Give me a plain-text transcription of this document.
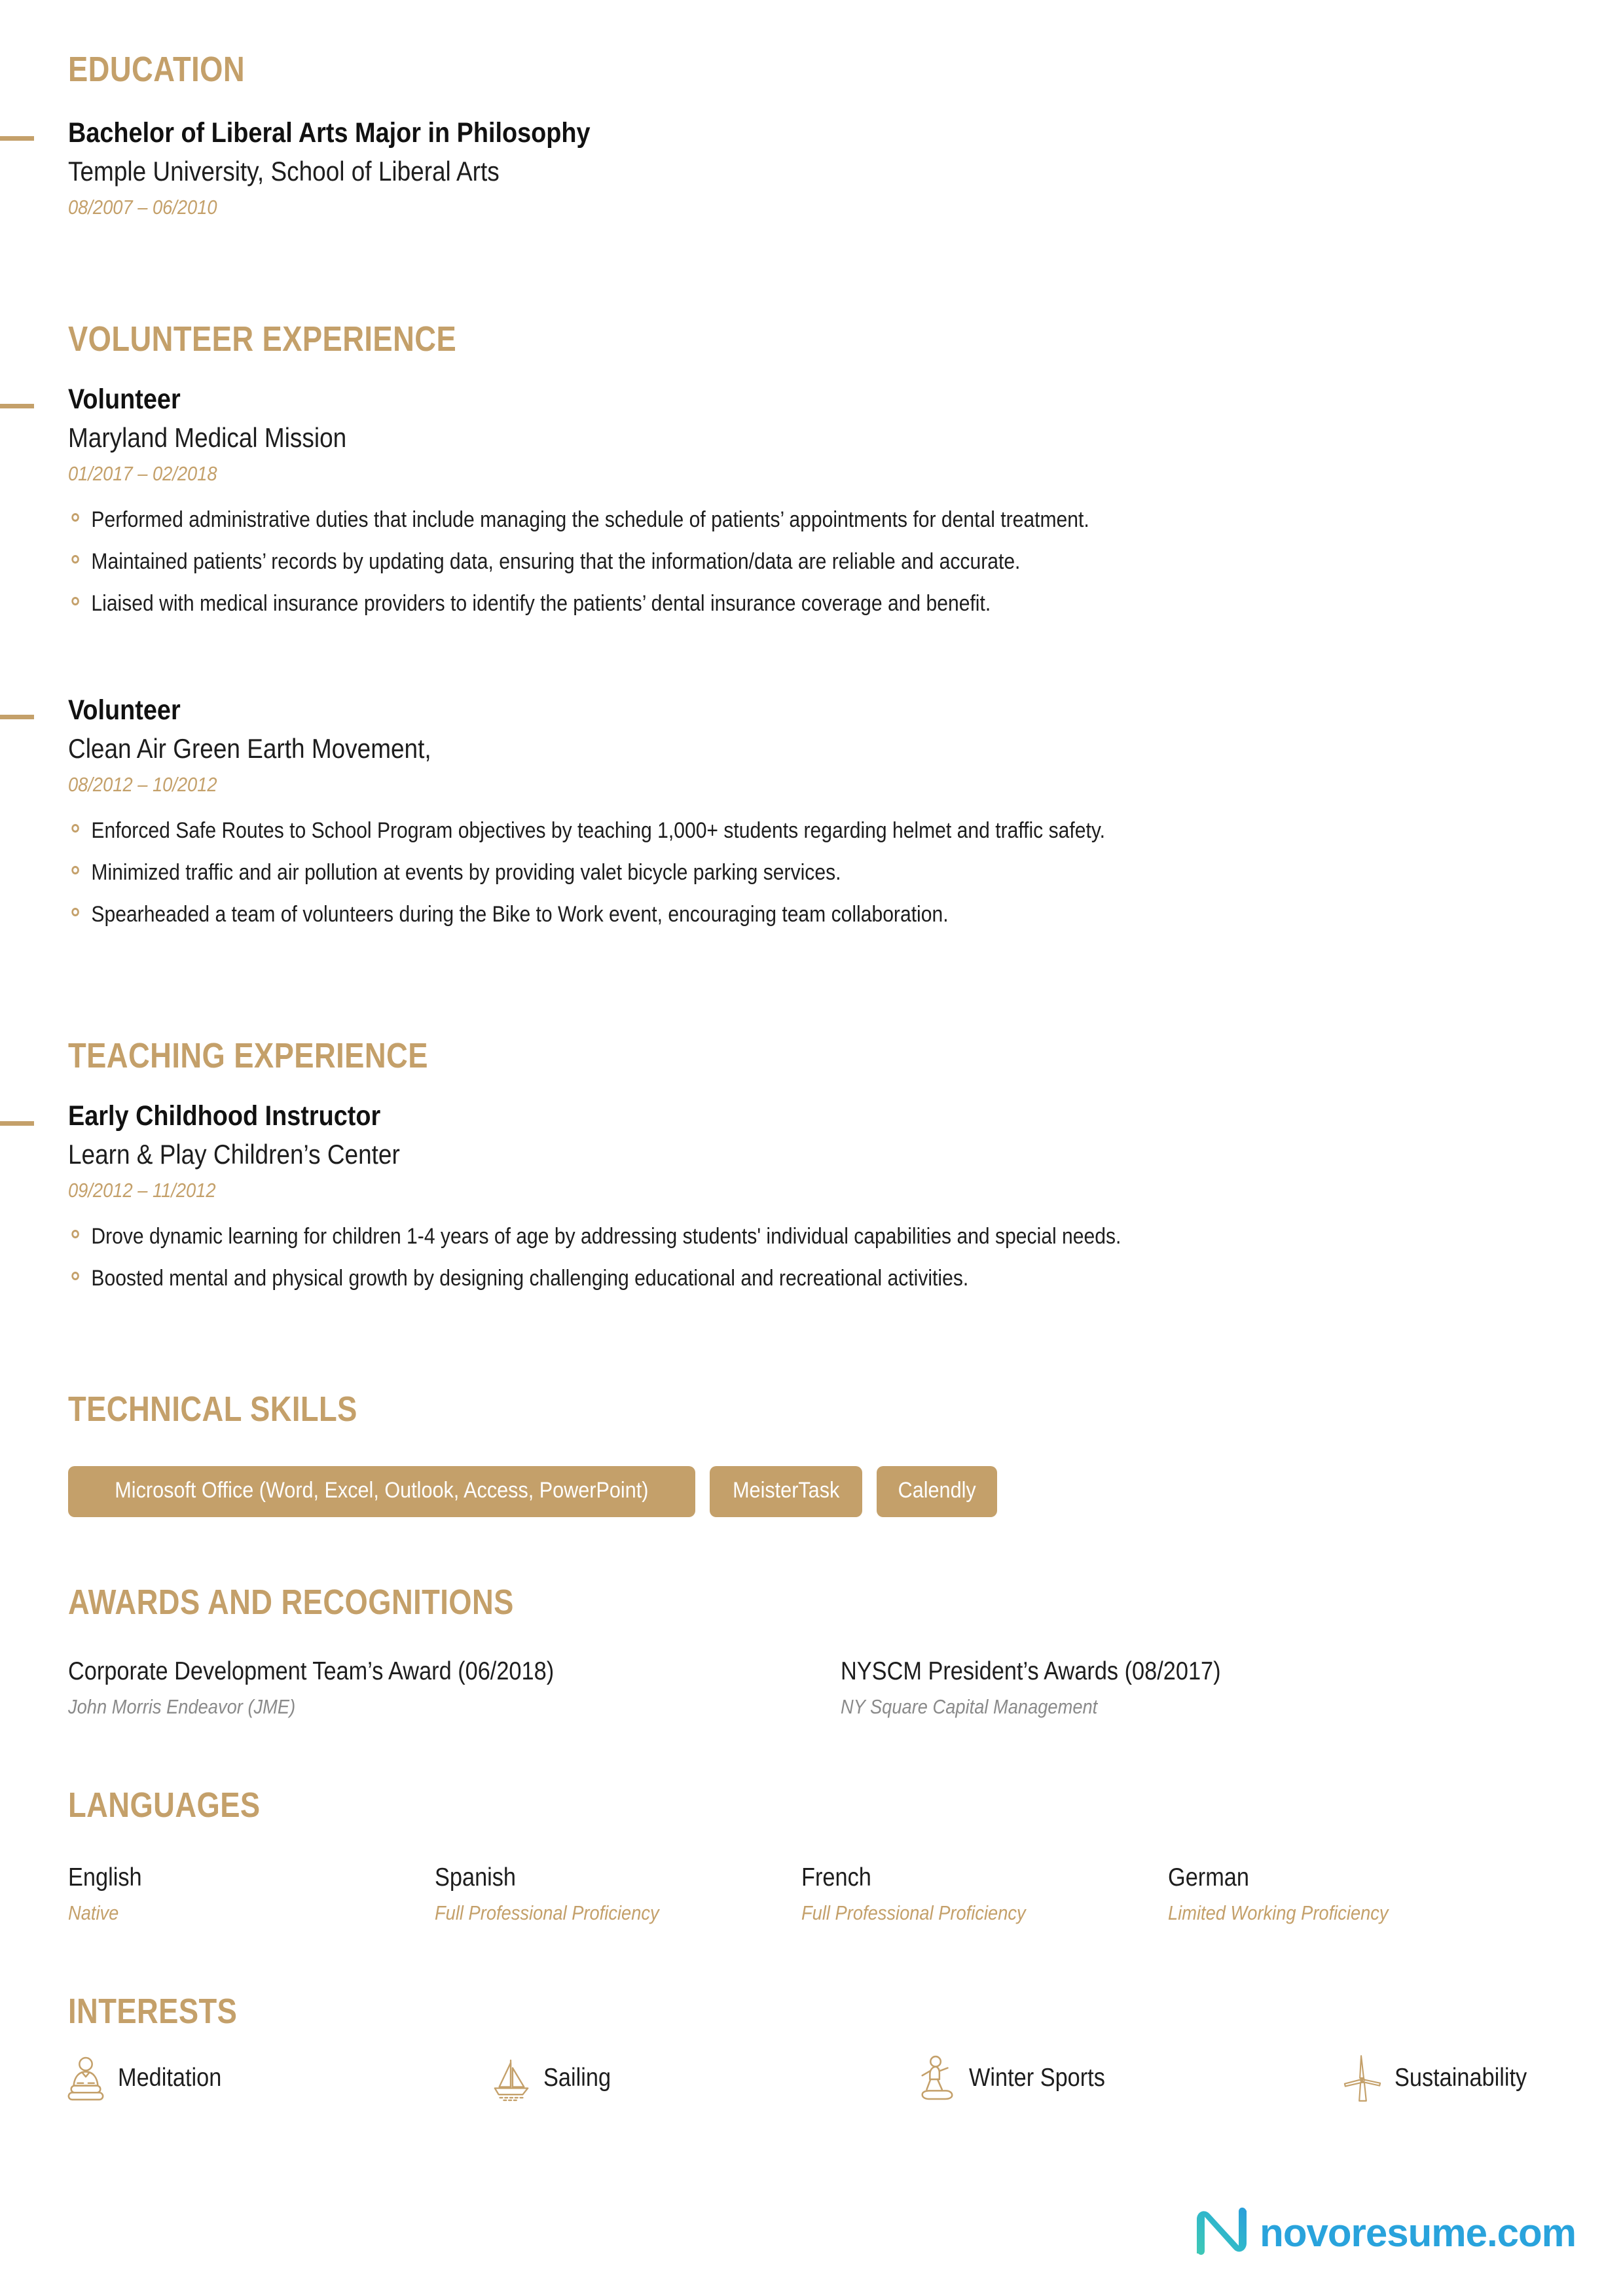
EDUCATION
Bachelor of Liberal Arts Major in Philosophy
Temple University, School of Liberal Arts
08/2007 – 06/2010
VOLUNTEER EXPERIENCE
Volunteer
Maryland Medical Mission
01/2017 – 02/2018
Performed administrative duties that include managing the schedule of patients’ appointments for dental treatment.
Maintained patients’ records by updating data, ensuring that the information/data are reliable and accurate.
Liaised with medical insurance providers to identify the patients’ dental insurance coverage and benefit.
Volunteer
Clean Air Green Earth Movement,
08/2012 – 10/2012
Enforced Safe Routes to School Program objectives by teaching 1,000+ students regarding helmet and traffic safety.
Minimized traffic and air pollution at events by providing valet bicycle parking services.
Spearheaded a team of volunteers during the Bike to Work event, encouraging team collaboration.
TEACHING EXPERIENCE
Early Childhood Instructor
Learn & Play Children’s Center
09/2012 – 11/2012
Drove dynamic learning for children 1-4 years of age by addressing students' individual capabilities and special needs.
Boosted mental and physical growth by designing challenging educational and recreational activities.
TECHNICAL SKILLS
Microsoft Office (Word, Excel, Outlook, Access, PowerPoint)	MeisterTask	Calendly
AWARDS AND RECOGNITIONS
Corporate Development Team’s Award (06/2018)
John Morris Endeavor (JME)
NYSCM President’s Awards (08/2017)
NY Square Capital Management
LANGUAGES
English
Native
Spanish
Full Professional Proficiency
French
Full Professional Proficiency
German
Limited Working Proficiency
INTERESTS
Meditation	Sailing	Winter Sports	Sustainability
novoresume.com
